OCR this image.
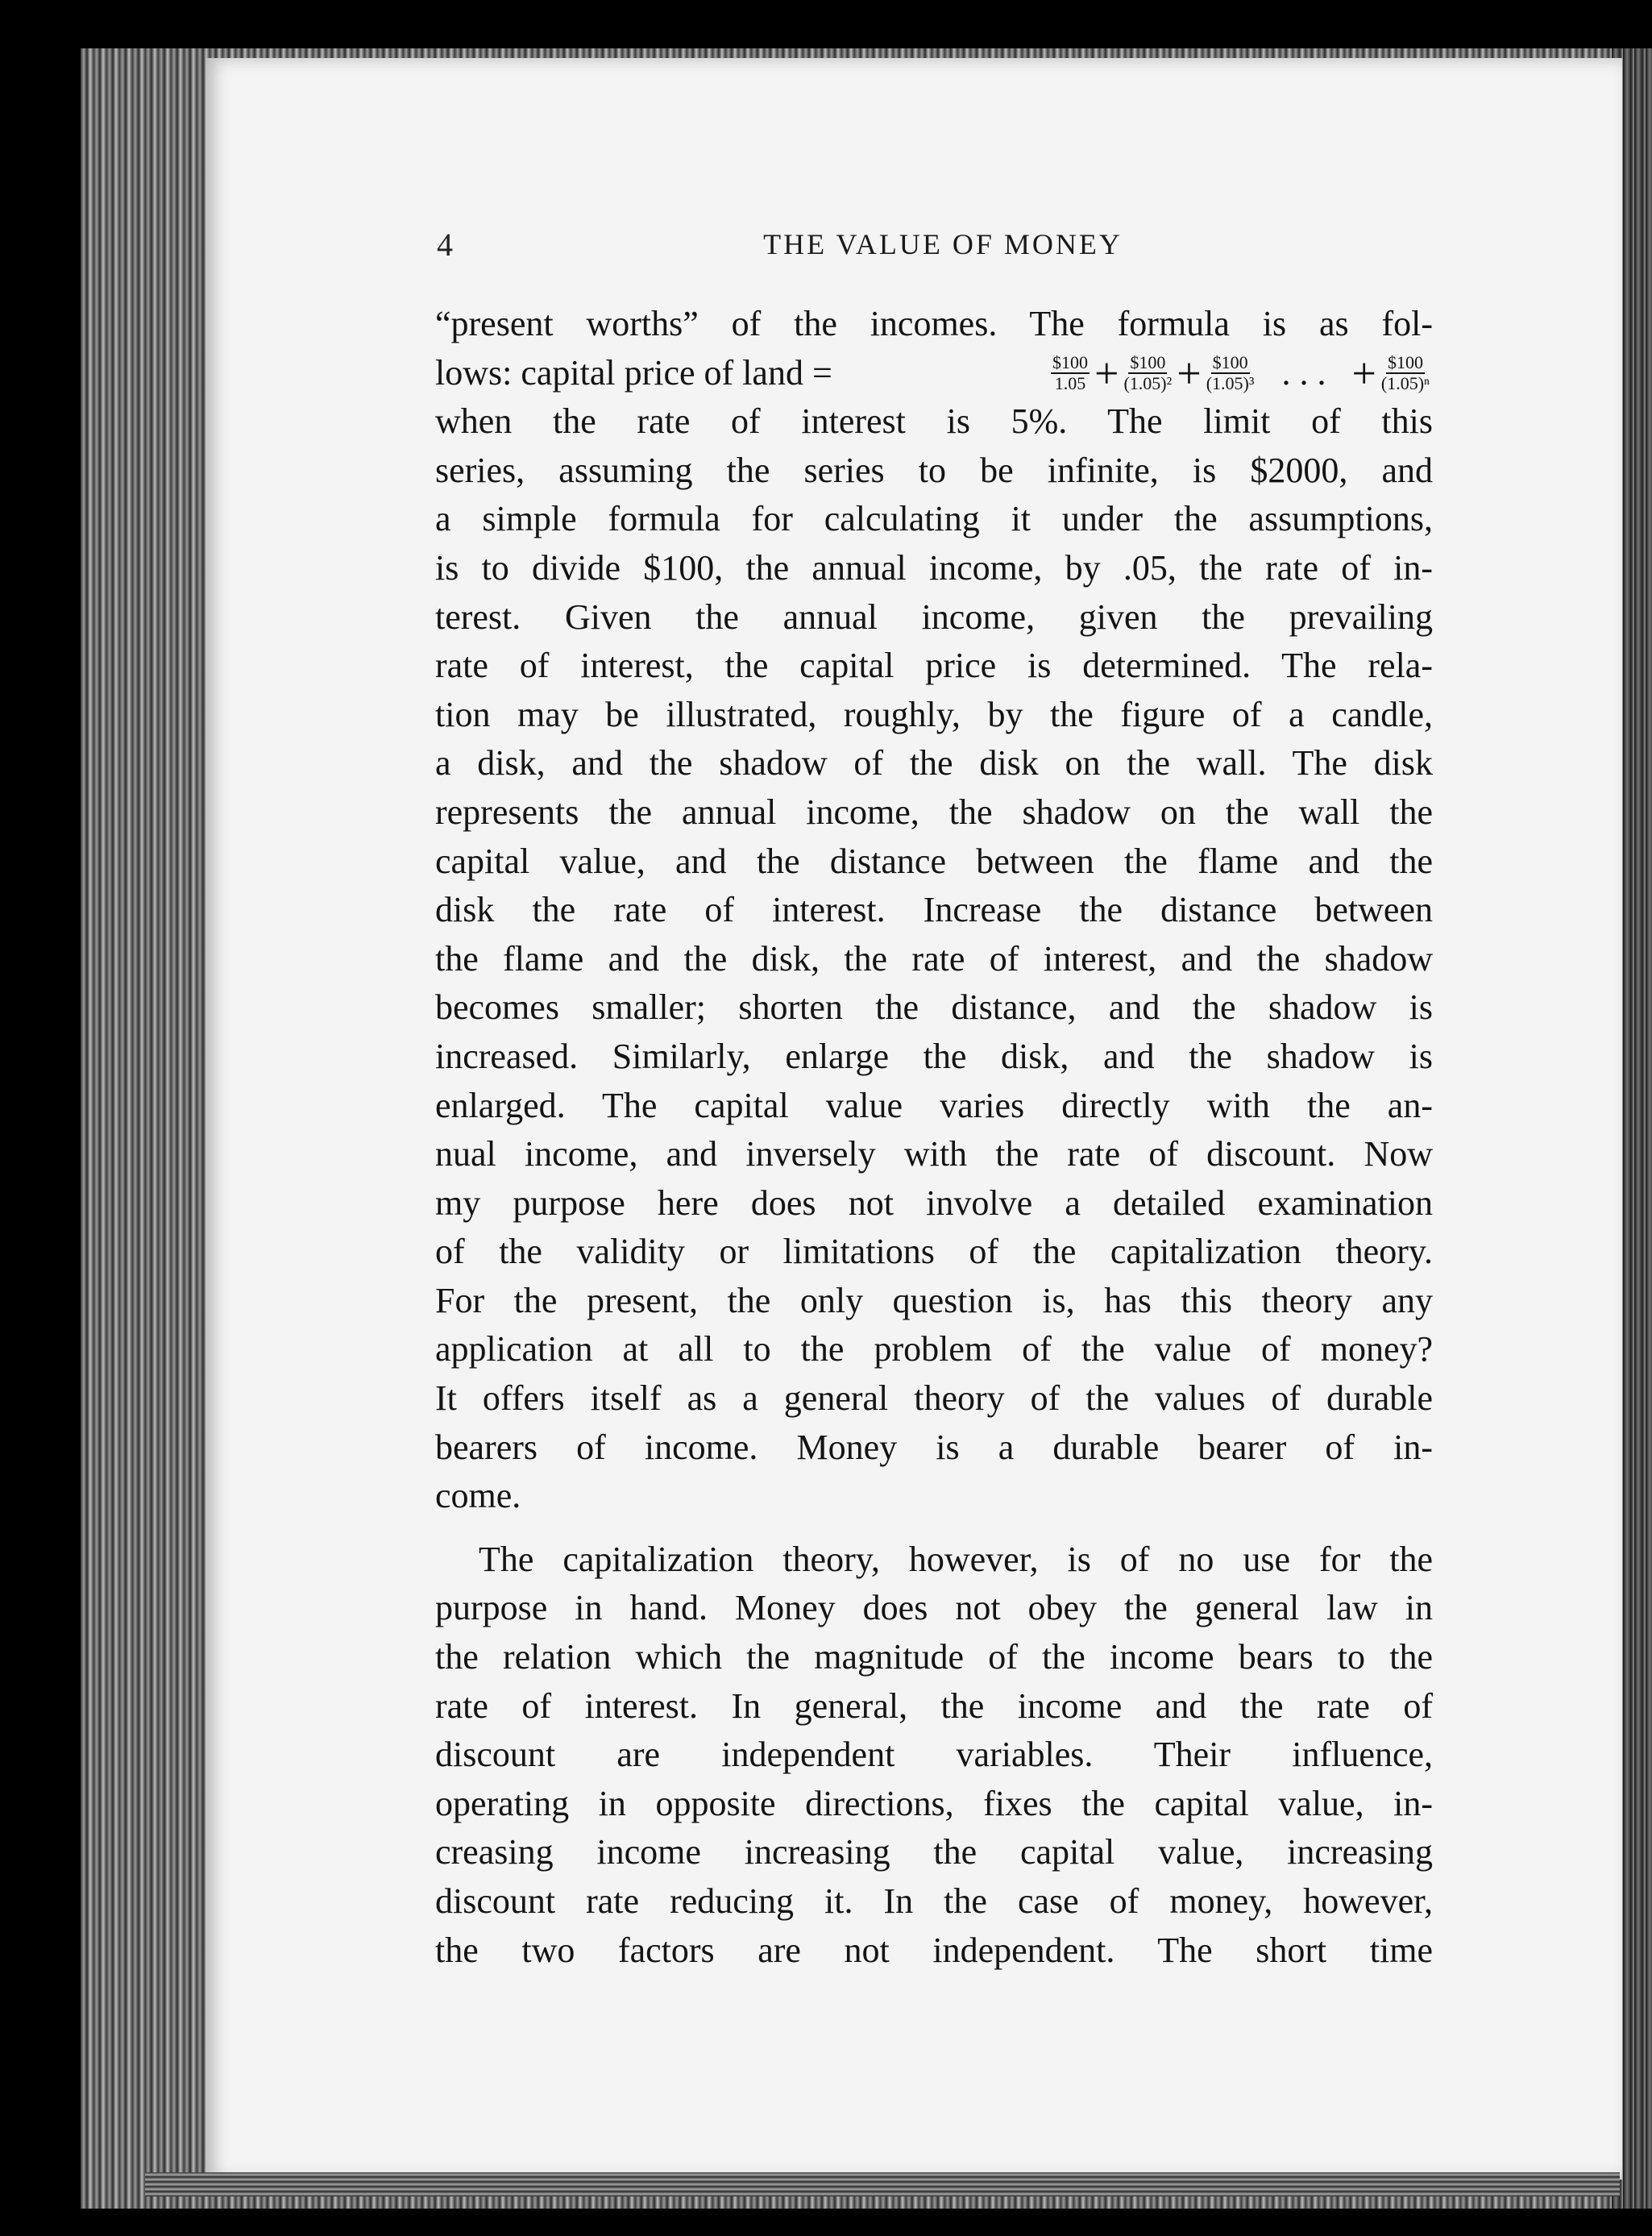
4	THE VALUE OF MONEY
“present worths” of the incomes. The formula is as fol-
lows: capital price of land =	$\frac{\$100}{1.05} + \frac{\$100}{\text{(1.05)²}} + \frac{\$100}{\text{(1.05)³}}$ . . . + $\frac{\$100}{\text{(1.05)ⁿ}}$
when the rate of interest is 5%. The limit of this
series, assuming the series to be infinite, is $2000, and
a simple formula for calculating it under the assumptions,
is to divide $100, the annual income, by .05, the rate of in-
terest. Given the annual income, given the prevailing
rate of interest, the capital price is determined. The rela-
tion may be illustrated, roughly, by the figure of a candle,
a disk, and the shadow of the disk on the wall. The disk
represents the annual income, the shadow on the wall the
capital value, and the distance between the flame and the
disk the rate of interest. Increase the distance between
the flame and the disk, the rate of interest, and the shadow
becomes smaller; shorten the distance, and the shadow is
increased. Similarly, enlarge the disk, and the shadow is
enlarged. The capital value varies directly with the an-
nual income, and inversely with the rate of discount. Now
my purpose here does not involve a detailed examination
of the validity or limitations of the capitalization theory.
For the present, the only question is, has this theory any
application at all to the problem of the value of money?
It offers itself as a general theory of the values of durable
bearers of income. Money is a durable bearer of in-
come.
The capitalization theory, however, is of no use for the
purpose in hand. Money does not obey the general law in
the relation which the magnitude of the income bears to the
rate of interest. In general, the income and the rate of
discount are independent variables. Their influence,
operating in opposite directions, fixes the capital value, in-
creasing income increasing the capital value, increasing
discount rate reducing it. In the case of money, however,
the two factors are not independent. The short time
